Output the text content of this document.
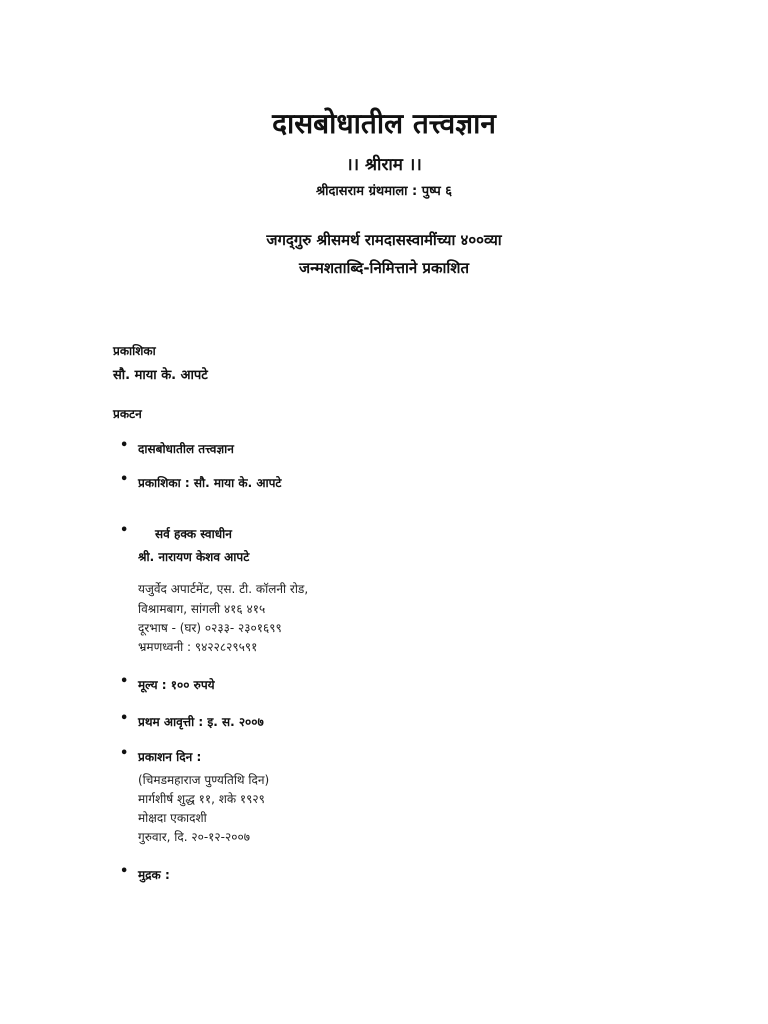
दासबोधातील तत्त्वज्ञान
।। श्रीराम ।।
श्रीदासराम ग्रंथमाला : पुष्प ६
जगद्‌गुरु श्रीसमर्थ रामदासस्वामींच्या ४००व्या
जन्मशताब्दि-निमित्ताने प्रकाशित
प्रकाशिका
सौ. माया के. आपटे
प्रकटन
• दासबोधातील तत्त्वज्ञान
• प्रकाशिका : सौ. माया के. आपटे
• सर्व हक्क स्वाधीन
श्री. नारायण केशव आपटे
यजुर्वेद अपार्टमेंट, एस. टी. कॉलनी रोड,
विश्रामबाग, सांगली ४१६ ४१५
दूरभाष - (घर) ०२३३- २३०१६९९
भ्रमणध्वनी : ९४२२८२९५९१
• मूल्य : १०० रुपये
• प्रथम आवृत्ती : इ. स. २००७
• प्रकाशन दिन :
(चिमडमहाराज पुण्यतिथि दिन)
मार्गशीर्ष शुद्ध ११, शके १९२९
मोक्षदा एकादशी
गुरुवार, दि. २०-१२-२००७
• मुद्रक :
